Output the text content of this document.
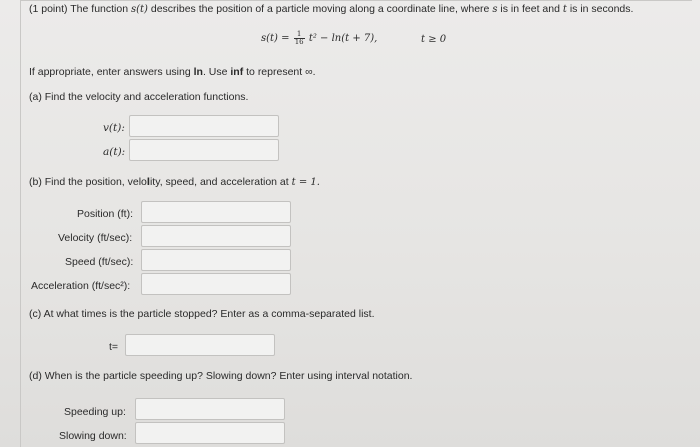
(1 point) The function s(t) describes the position of a particle moving along a coordinate line, where s is in feet and t is in seconds.
$s(t) = \frac{1}{16} t^2 - \ln(t + 7)$,	t ≥ 0
If appropriate, enter answers using ln. Use inf to represent ∞.
(a) Find the velocity and acceleration functions.
v(t):
a(t):
(b) Find the position, veloIity, speed, and acceleration at t = 1.
Position (ft):
Velocity (ft/sec):
Speed (ft/sec):
Acceleration (ft/sec²):
(c) At what times is the particle stopped? Enter as a comma-separated list.
t=
(d) When is the particle speeding up? Slowing down? Enter using interval notation.
Speeding up:
Slowing down:
